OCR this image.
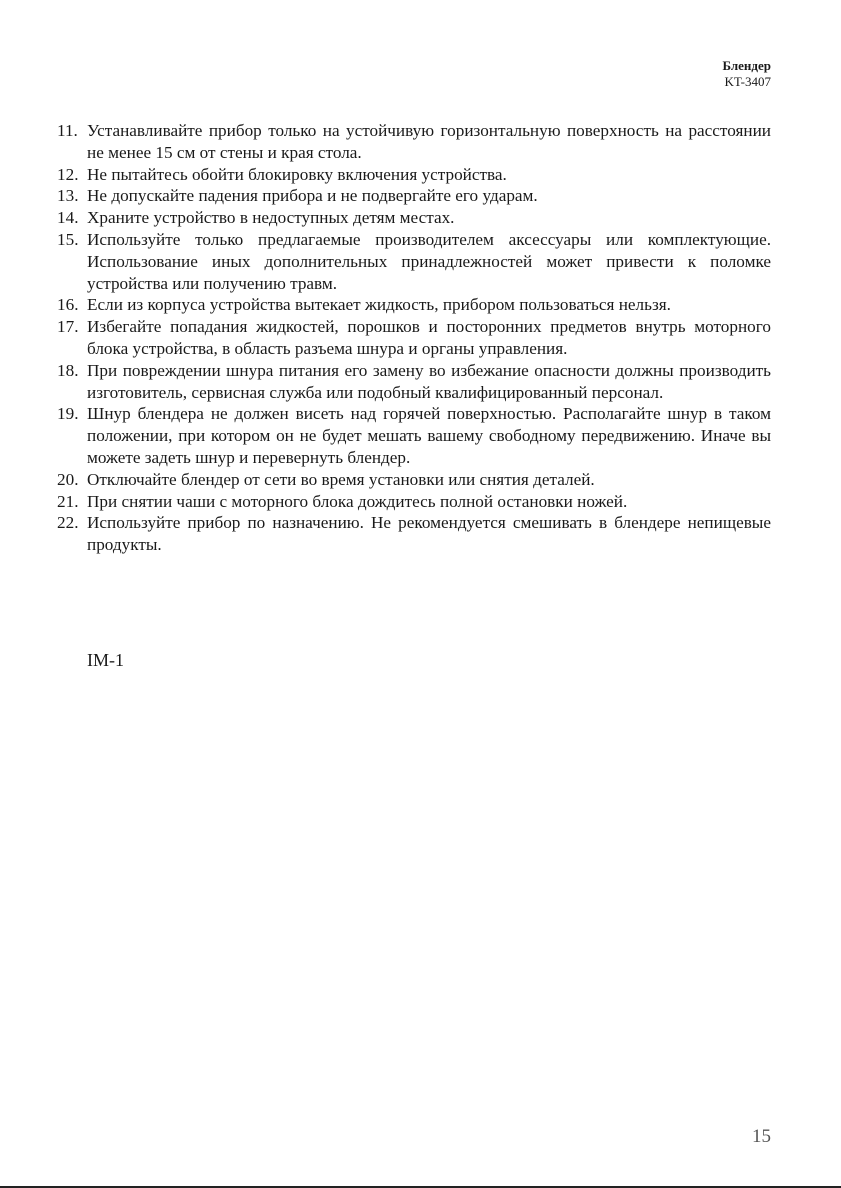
Блендер
KT-3407
11. Устанавливайте прибор только на устойчивую горизонтальную поверхность на расстоянии не менее 15 см от стены и края стола.
12. Не пытайтесь обойти блокировку включения устройства.
13. Не допускайте падения прибора и не подвергайте его ударам.
14. Храните устройство в недоступных детям местах.
15. Используйте только предлагаемые производителем аксессуары или комплектующие. Использование иных дополнительных принадлежностей может привести к поломке устройства или получению травм.
16. Если из корпуса устройства вытекает жидкость, прибором пользоваться нельзя.
17. Избегайте попадания жидкостей, порошков и посторонних предметов внутрь моторного блока устройства, в область разъема шнура и органы управления.
18. При повреждении шнура питания его замену во избежание опасности должны производить изготовитель, сервисная служба или подобный квалифицированный персонал.
19. Шнур блендера не должен висеть над горячей поверхностью. Располагайте шнур в таком положении, при котором он не будет мешать вашему свободному передвижению. Иначе вы можете задеть шнур и перевернуть блендер.
20. Отключайте блендер от сети во время установки или снятия деталей.
21. При снятии чаши с моторного блока дождитесь полной остановки ножей.
22. Используйте прибор по назначению. Не рекомендуется смешивать в блендере непищевые продукты.
IM-1
15
